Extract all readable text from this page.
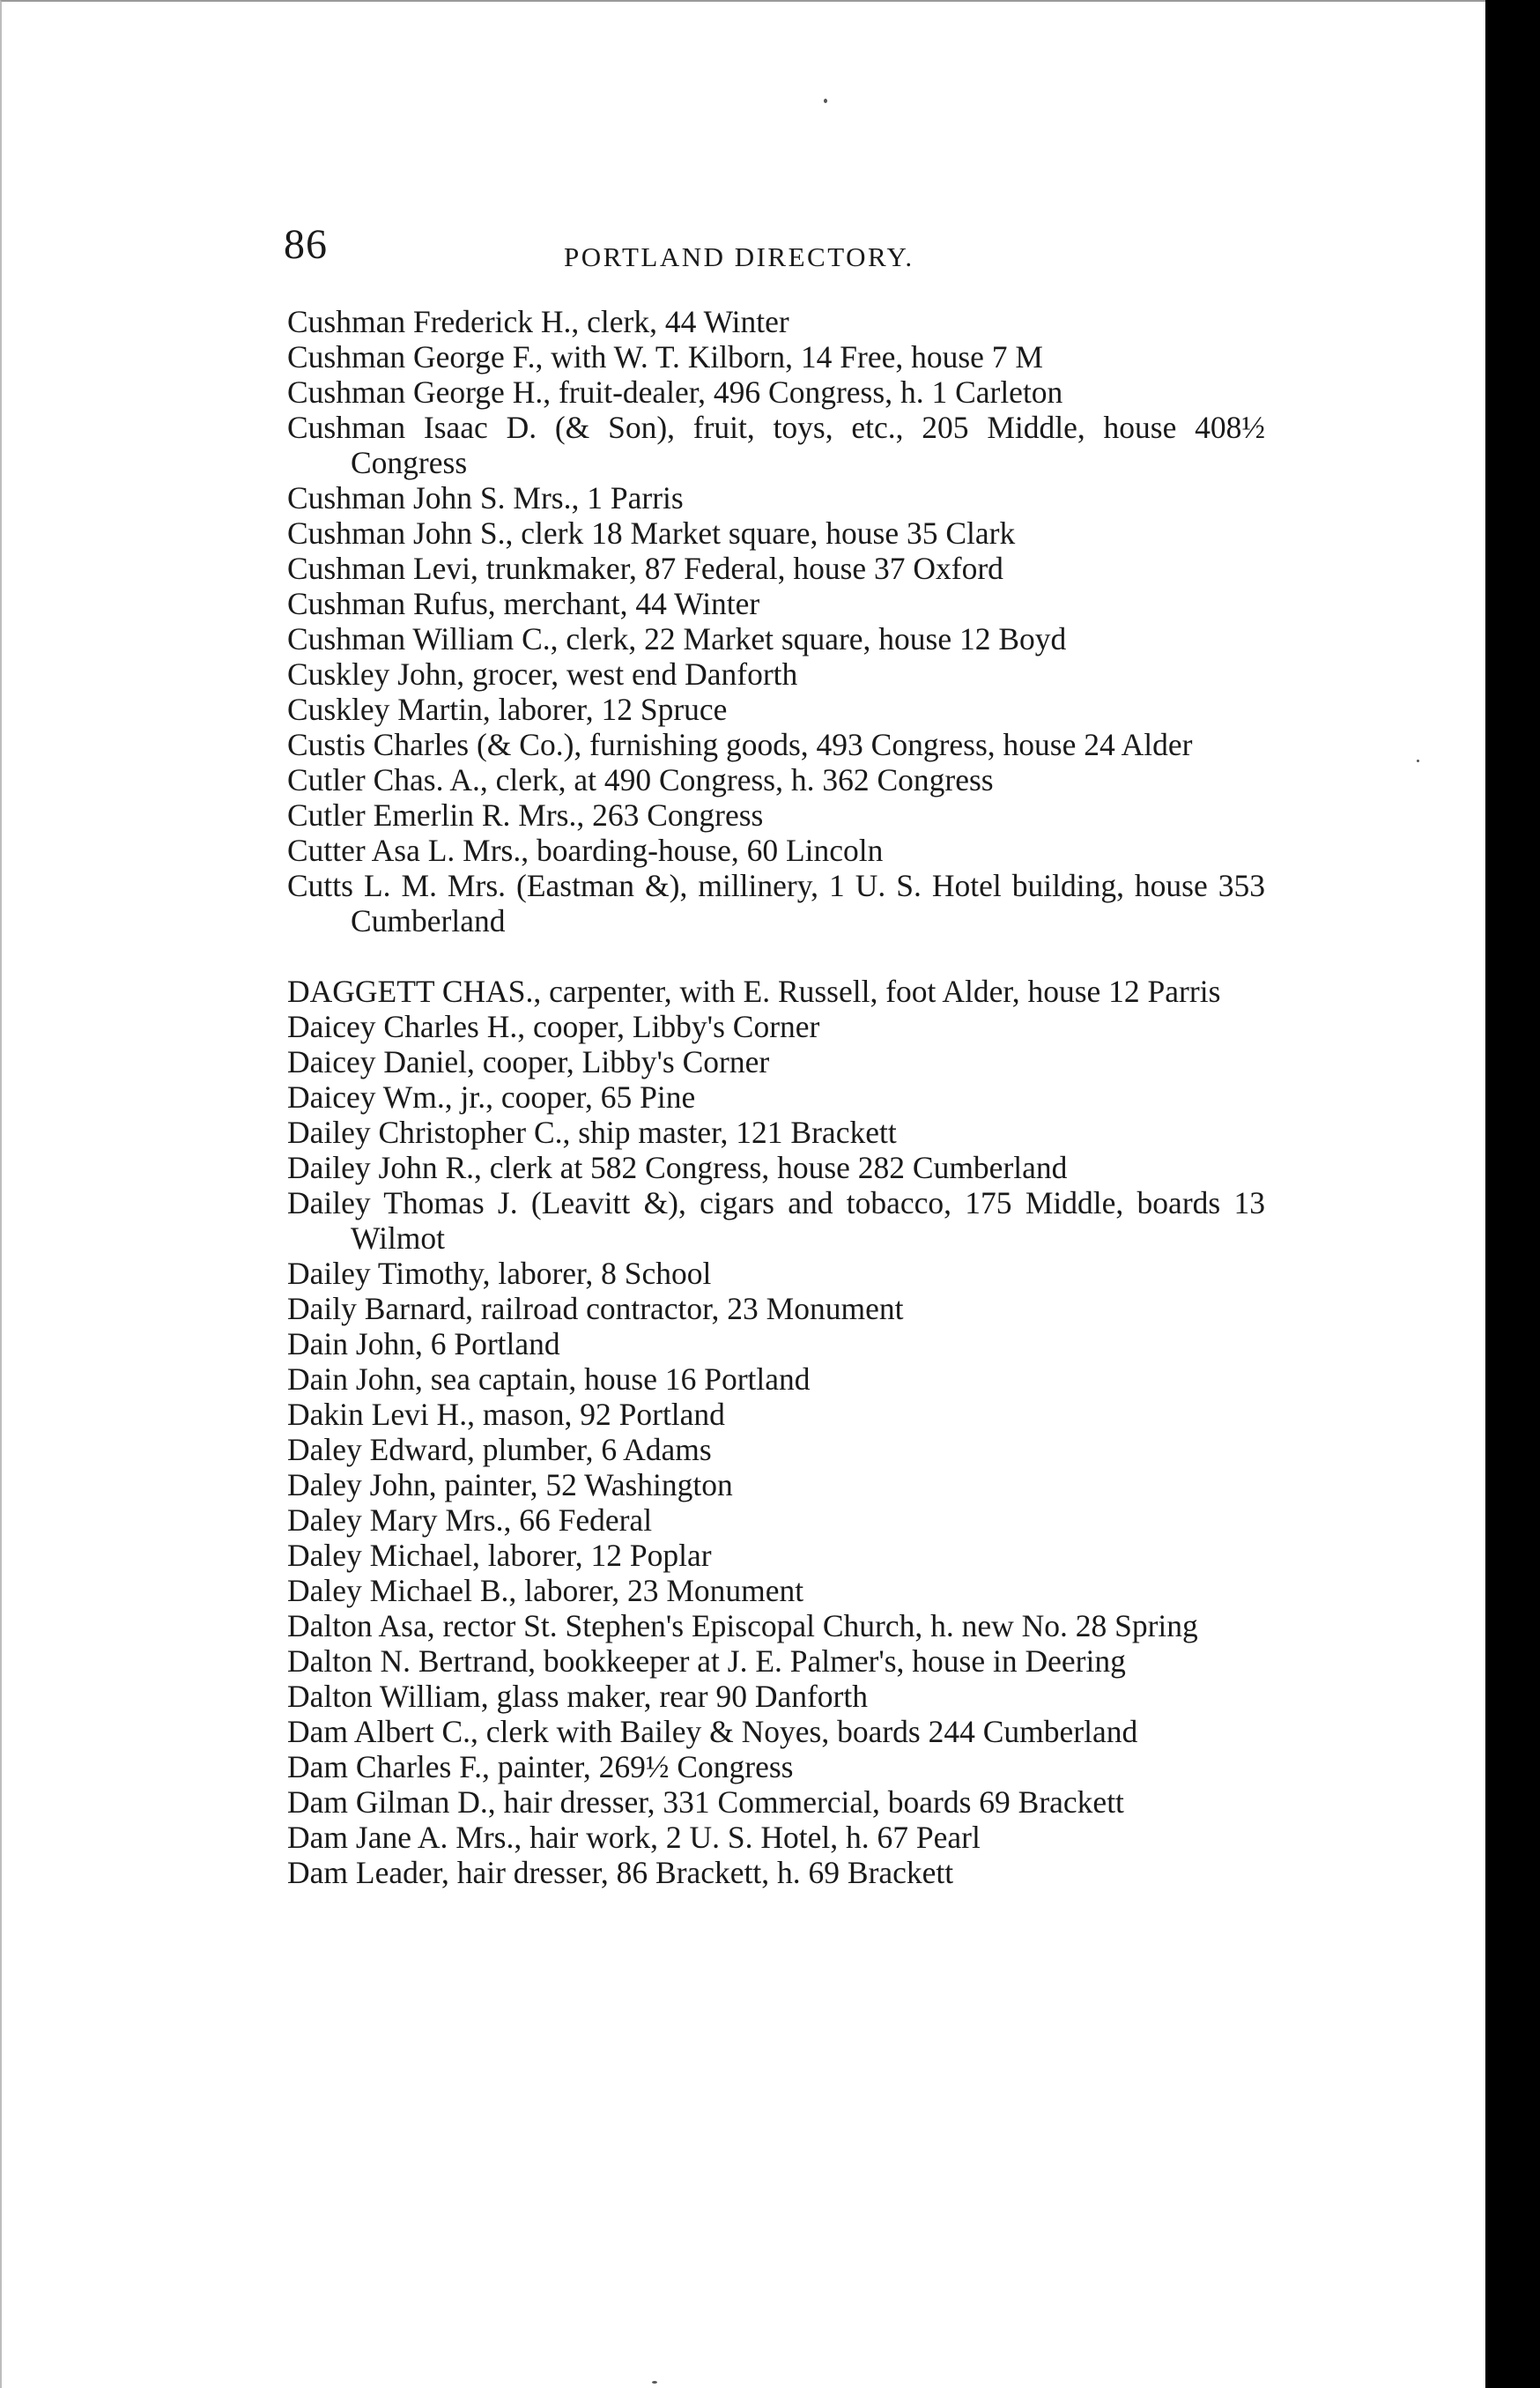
86	PORTLAND DIRECTORY.

Cushman Frederick H., clerk, 44 Winter

Cushman George F., with W. T. Kilborn, 14 Free, house 7 M

Cushman George H., fruit-dealer, 496 Congress, h. 1 Carleton

Cushman Isaac D. (& Son), fruit, toys, etc., 205 Middle, house 408½ Congress

Cushman John S. Mrs., 1 Parris

Cushman John S., clerk 18 Market square, house 35 Clark

Cushman Levi, trunkmaker, 87 Federal, house 37 Oxford

Cushman Rufus, merchant, 44 Winter

Cushman William C., clerk, 22 Market square, house 12 Boyd

Cuskley John, grocer, west end Danforth

Cuskley Martin, laborer, 12 Spruce

Custis Charles (& Co.), furnishing goods, 493 Congress, house 24 Alder

Cutler Chas. A., clerk, at 490 Congress, h. 362 Congress

Cutler Emerlin R. Mrs., 263 Congress

Cutter Asa L. Mrs., boarding-house, 60 Lincoln

Cutts L. M. Mrs. (Eastman &), millinery, 1 U. S. Hotel building, house 353 Cumberland

DAGGETT CHAS., carpenter, with E. Russell, foot Alder, house 12 Parris

Daicey Charles H., cooper, Libby's Corner

Daicey Daniel, cooper, Libby's Corner

Daicey Wm., jr., cooper, 65 Pine

Dailey Christopher C., ship master, 121 Brackett

Dailey John R., clerk at 582 Congress, house 282 Cumberland

Dailey Thomas J. (Leavitt &), cigars and tobacco, 175 Middle, boards 13 Wilmot

Dailey Timothy, laborer, 8 School

Daily Barnard, railroad contractor, 23 Monument

Dain John, 6 Portland

Dain John, sea captain, house 16 Portland

Dakin Levi H., mason, 92 Portland

Daley Edward, plumber, 6 Adams

Daley John, painter, 52 Washington

Daley Mary Mrs., 66 Federal

Daley Michael, laborer, 12 Poplar

Daley Michael B., laborer, 23 Monument

Dalton Asa, rector St. Stephen's Episcopal Church, h. new No. 28 Spring

Dalton N. Bertrand, bookkeeper at J. E. Palmer's, house in Deering

Dalton William, glass maker, rear 90 Danforth

Dam Albert C., clerk with Bailey & Noyes, boards 244 Cumberland

Dam Charles F., painter, 269½ Congress

Dam Gilman D., hair dresser, 331 Commercial, boards 69 Brackett

Dam Jane A. Mrs., hair work, 2 U. S. Hotel, h. 67 Pearl

Dam Leader, hair dresser, 86 Brackett, h. 69 Brackett
